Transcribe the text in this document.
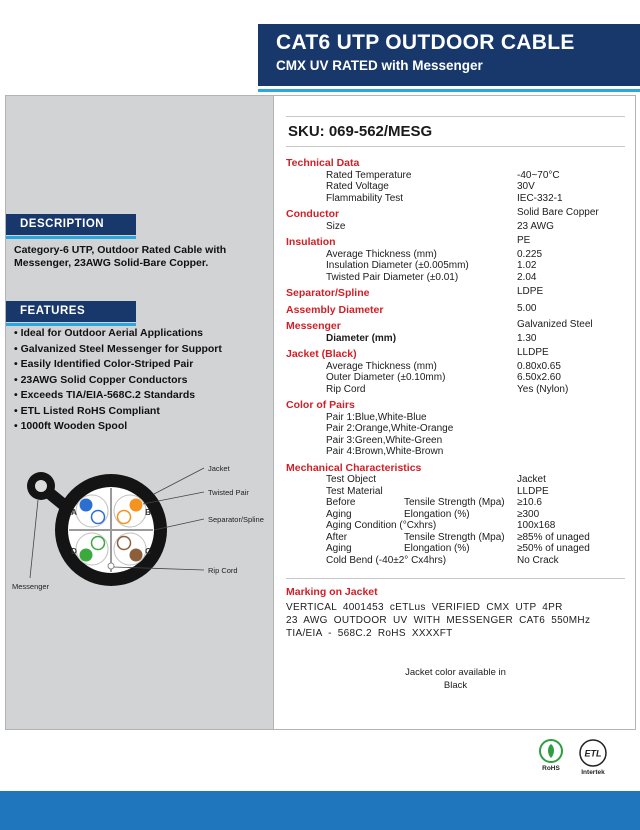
CAT6 UTP OUTDOOR CABLE
CMX UV RATED with Messenger
DESCRIPTION

Category-6 UTP, Outdoor Rated Cable with Messenger, 23AWG Solid-Bare Copper.

FEATURES
• Ideal for Outdoor Aerial Applications
• Galvanized Steel Messenger for Support
• Easily Identified Color-Striped Pair
• 23AWG Solid Copper Conductors
• Exceeds TIA/EIA-568C.2 Standards
• ETL Listed RoHS Compliant
• 1000ft Wooden Spool
A	B
C
D
Jacket
Twisted Pair
Separator/Spline
Rip Cord
Messenger
SKU: 069-562/MESG
Technical Data
Rated Temperature	-40~70°C
Rated Voltage	30V
Flammability Test	IEC-332-1
Conductor	Solid Bare Copper
Size	23 AWG
Insulation	PE
Average Thickness (mm)	0.225
Insulation Diameter (±0.005mm)	1.02
Twisted Pair Diameter (±0.01)	2.04
Separator/Spline	LDPE
Assembly Diameter	5.00
Messenger	Galvanized Steel
Diameter (mm)	1.30
Jacket (Black)	LLDPE
Average Thickness (mm)	0.80x0.65
Outer Diameter (±0.10mm)	6.50x2.60
Rip Cord	Yes (Nylon)
Color of Pairs
Pair 1:Blue,White-Blue
Pair 2:Orange,White-Orange
Pair 3:Green,White-Green
Pair 4:Brown,White-Brown
Mechanical Characteristics
Test Object	Jacket
Test Material	LLDPE
Before	Tensile Strength (Mpa) ≥10.6
Aging	Elongation (%)	≥300
Aging Condition (°Cxhrs)	100x168
After	Tensile Strength (Mpa) ≥85% of unaged
Aging	Elongation (%)	≥50% of unaged
Cold Bend (-40±2° Cx4hrs)	No Crack
Marking on Jacket
VERTICAL 4001453 cETLus VERIFIED CMX UTP 4PR
23 AWG OUTDOOR UV WITH MESSENGER CAT6 550MHz
TIA/EIA - 568C.2 RoHS XXXXFT
Jacket color available in
Black
RoHS
ETL
Intertek
